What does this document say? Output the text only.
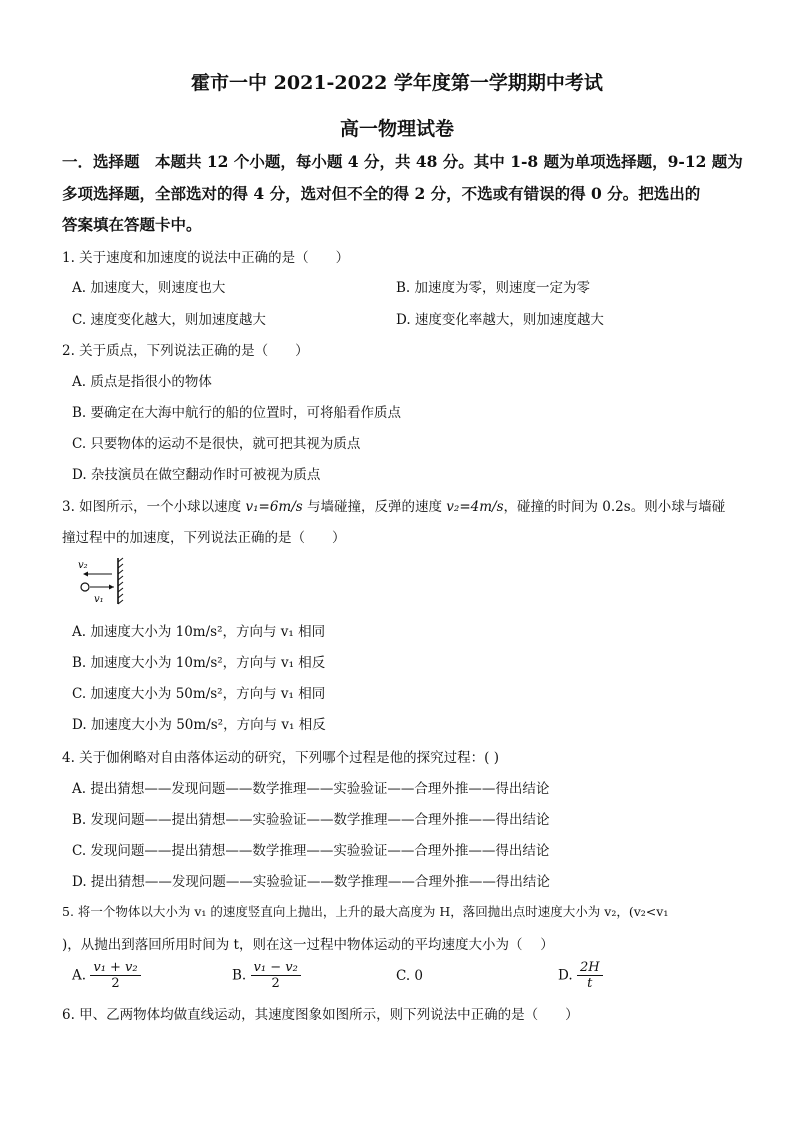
霍市一中 2021-2022 学年度第一学期期中考试
高一物理试卷
一．选择题　本题共 12 个小题，每小题 4 分，共 48 分。其中 1-8 题为单项选择题，9-12 题为
多项选择题，全部选对的得 4 分，选对但不全的得 2 分，不选或有错误的得 0 分。把选出的
答案填在答题卡中。
1. 关于速度和加速度的说法中正确的是（　　）
A. 加速度大，则速度也大	B. 加速度为零，则速度一定为零
C. 速度变化越大，则加速度越大	D. 速度变化率越大，则加速度越大
2. 关于质点，下列说法正确的是（　　）
A. 质点是指很小的物体
B. 要确定在大海中航行的船的位置时，可将船看作质点
C. 只要物体的运动不是很快，就可把其视为质点
D. 杂技演员在做空翻动作时可被视为质点
3. 如图所示，一个小球以速度 v₁=6m/s 与墙碰撞，反弹的速度 v₂=4m/s，碰撞的时间为 0.2s。则小球与墙碰
撞过程中的加速度，下列说法正确的是（　　）
v₂
v₁
A. 加速度大小为 10m/s²，方向与 v₁ 相同
B. 加速度大小为 10m/s²，方向与 v₁ 相反
C. 加速度大小为 50m/s²，方向与 v₁ 相同
D. 加速度大小为 50m/s²，方向与 v₁ 相反
4. 关于伽俐略对自由落体运动的研究，下列哪个过程是他的探究过程：( )
A. 提出猜想——发现问题——数学推理——实验验证——合理外推——得出结论
B. 发现问题——提出猜想——实验验证——数学推理——合理外推——得出结论
C. 发现问题——提出猜想——数学推理——实验验证——合理外推——得出结论
D. 提出猜想——发现问题——实验验证——数学推理——合理外推——得出结论
5. 将一个物体以大小为 v₁ 的速度竖直向上抛出，上升的最大高度为 H，落回抛出点时速度大小为 v₂，(v₂<v₁
)，从抛出到落回所用时间为 t，则在这一过程中物体运动的平均速度大小为（　 ）
A. $\frac{\text{v₁ + v₂}}{2}$	B. $\frac{\text{v₁ − v₂}}{2}$	C. 0	D. $\frac{2H}{t}$
6. 甲、乙两物体均做直线运动，其速度图象如图所示，则下列说法中正确的是（　　）
